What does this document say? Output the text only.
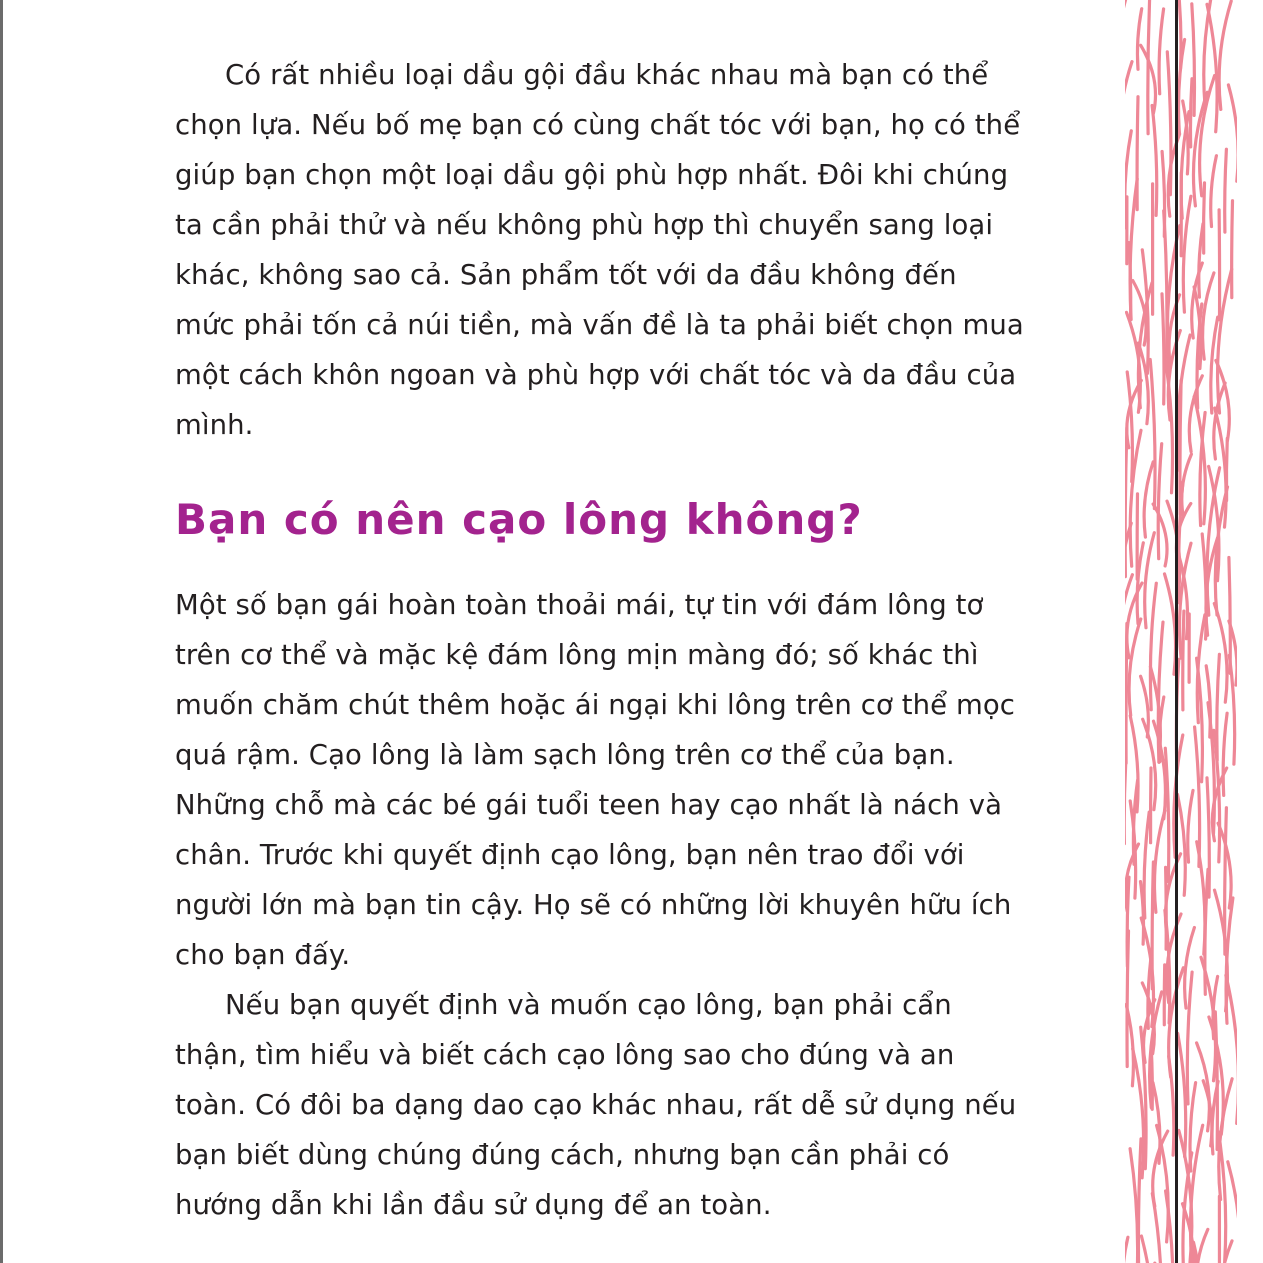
Có rất nhiều loại dầu gội đầu khác nhau mà bạn có thể chọn lựa. Nếu bố mẹ bạn có cùng chất tóc với bạn, họ có thể giúp bạn chọn một loại dầu gội phù hợp nhất. Đôi khi chúng ta cần phải thử và nếu không phù hợp thì chuyển sang loại khác, không sao cả. Sản phẩm tốt với da đầu không đến mức phải tốn cả núi tiền, mà vấn đề là ta phải biết chọn mua một cách khôn ngoan và phù hợp với chất tóc và da đầu của mình.

Bạn có nên cạo lông không?

Một số bạn gái hoàn toàn thoải mái, tự tin với đám lông tơ trên cơ thể và mặc kệ đám lông mịn màng đó; số khác thì muốn chăm chút thêm hoặc ái ngại khi lông trên cơ thể mọc quá rậm. Cạo lông là làm sạch lông trên cơ thể của bạn. Những chỗ mà các bé gái tuổi teen hay cạo nhất là nách và chân. Trước khi quyết định cạo lông, bạn nên trao đổi với người lớn mà bạn tin cậy. Họ sẽ có những lời khuyên hữu ích cho bạn đấy.

Nếu bạn quyết định và muốn cạo lông, bạn phải cẩn thận, tìm hiểu và biết cách cạo lông sao cho đúng và an toàn. Có đôi ba dạng dao cạo khác nhau, rất dễ sử dụng nếu bạn biết dùng chúng đúng cách, nhưng bạn cần phải có hướng dẫn khi lần đầu sử dụng để an toàn.
